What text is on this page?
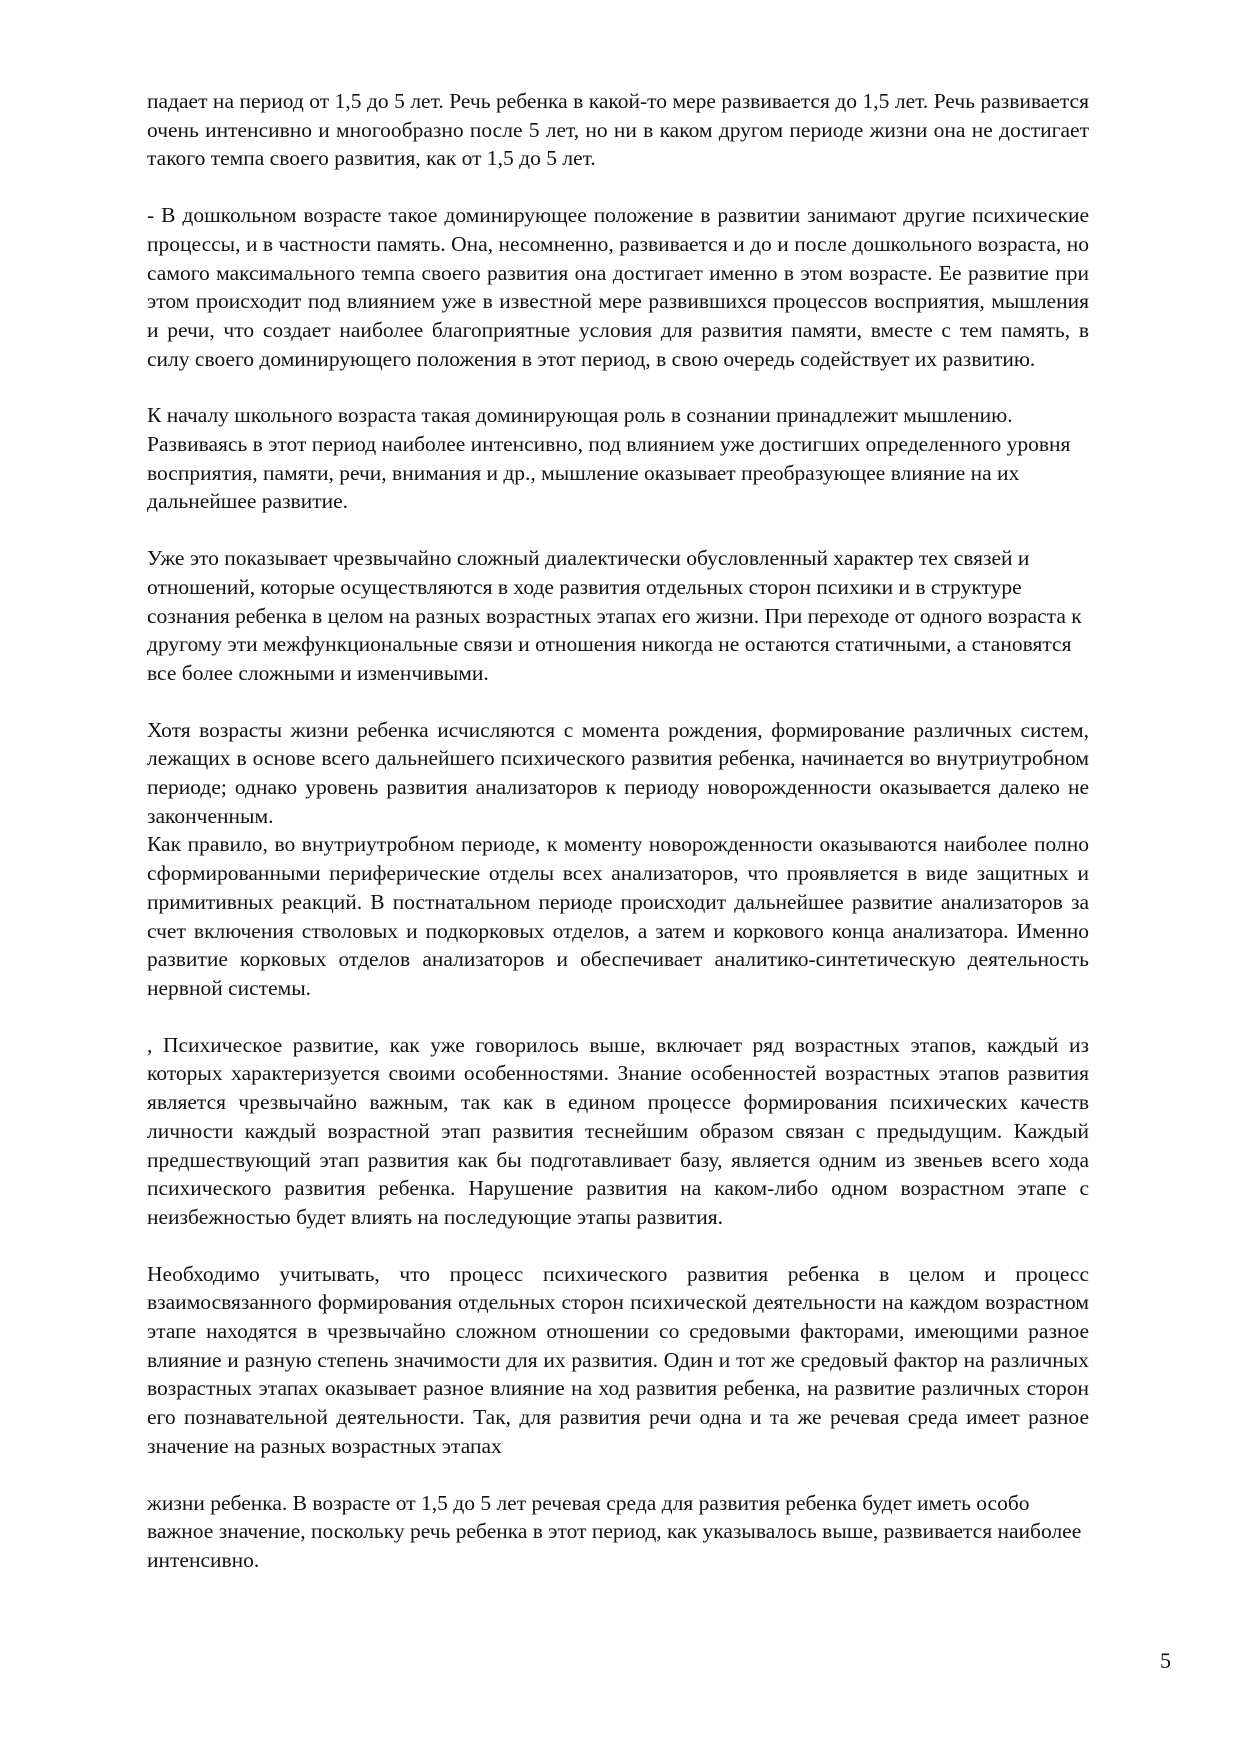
падает на период от 1,5 до 5 лет. Речь ребенка в какой-то мере развивается до 1,5 лет. Речь развивается очень интенсивно и многообразно после 5 лет, но ни в каком другом периоде жизни она не достигает такого темпа своего развития, как от 1,5 до 5 лет.

- В дошкольном возрасте такое доминирующее положение в развитии занимают другие психические процессы, и в частности память. Она, несомненно, развивается и до и после дошкольного возраста, но самого максимального темпа своего развития она достигает именно в этом возрасте. Ее развитие при этом происходит под влиянием уже в известной мере развившихся процессов восприятия, мышления и речи, что создает наиболее благоприятные условия для развития памяти, вместе с тем память, в силу своего доминирующего положения в этот период, в свою очередь содействует их развитию.

К началу школьного возраста такая доминирующая роль в сознании принадлежит мышлению. Развиваясь в этот период наиболее интенсивно, под влиянием уже достигших определенного уровня восприятия, памяти, речи, внимания и др., мышление оказывает преобразующее влияние на их дальнейшее развитие.

Уже это показывает чрезвычайно сложный диалектически обусловленный характер тех связей и отношений, которые осуществляются в ходе развития отдельных сторон психики и в структуре сознания ребенка в целом на разных возрастных этапах его жизни. При переходе от одного возраста к другому эти межфункциональные связи и отношения никогда не остаются статичными, а становятся все более сложными и изменчивыми.

Хотя возрасты жизни ребенка исчисляются с момента рождения, формирование различных систем, лежащих в основе всего дальнейшего психического развития ребенка, начинается во внутриутробном периоде; однако уровень развития анализаторов к периоду новорожденности оказывается далеко не законченным.

Как правило, во внутриутробном периоде, к моменту новорожденности оказываются наиболее полно сформированными периферические отделы всех анализаторов, что проявляется в виде защитных и примитивных реакций. В постнатальном периоде происходит дальнейшее развитие анализаторов за счет включения стволовых и подкорковых отделов, а затем и коркового конца анализатора. Именно развитие корковых отделов анализаторов и обеспечивает аналитико-синтетическую деятельность нервной системы.

, Психическое развитие, как уже говорилось выше, включает ряд возрастных этапов, каждый из которых характеризуется своими особенностями. Знание особенностей возрастных этапов развития является чрезвычайно важным, так как в едином процессе формирования психических качеств личности каждый возрастной этап развития теснейшим образом связан с предыдущим. Каждый предшествующий этап развития как бы подготавливает базу, является одним из звеньев всего хода психического развития ребенка. Нарушение развития на каком-либо одном возрастном этапе с неизбежностью будет влиять на последующие этапы развития.

Необходимо учитывать, что процесс психического развития ребенка в целом и процесс взаимосвязанного формирования отдельных сторон психической деятельности на каждом возрастном этапе находятся в чрезвычайно сложном отношении со средовыми факторами, имеющими разное влияние и разную степень значимости для их развития. Один и тот же средовый фактор на различных возрастных этапах оказывает разное влияние на ход развития ребенка, на развитие различных сторон его познавательной деятельности. Так, для развития речи одна и та же речевая среда имеет разное значение на разных возрастных этапах

жизни ребенка. В возрасте от 1,5 до 5 лет речевая среда для развития ребенка будет иметь особо важное значение, поскольку речь ребенка в этот период, как указывалось выше, развивается наиболее интенсивно.

5
